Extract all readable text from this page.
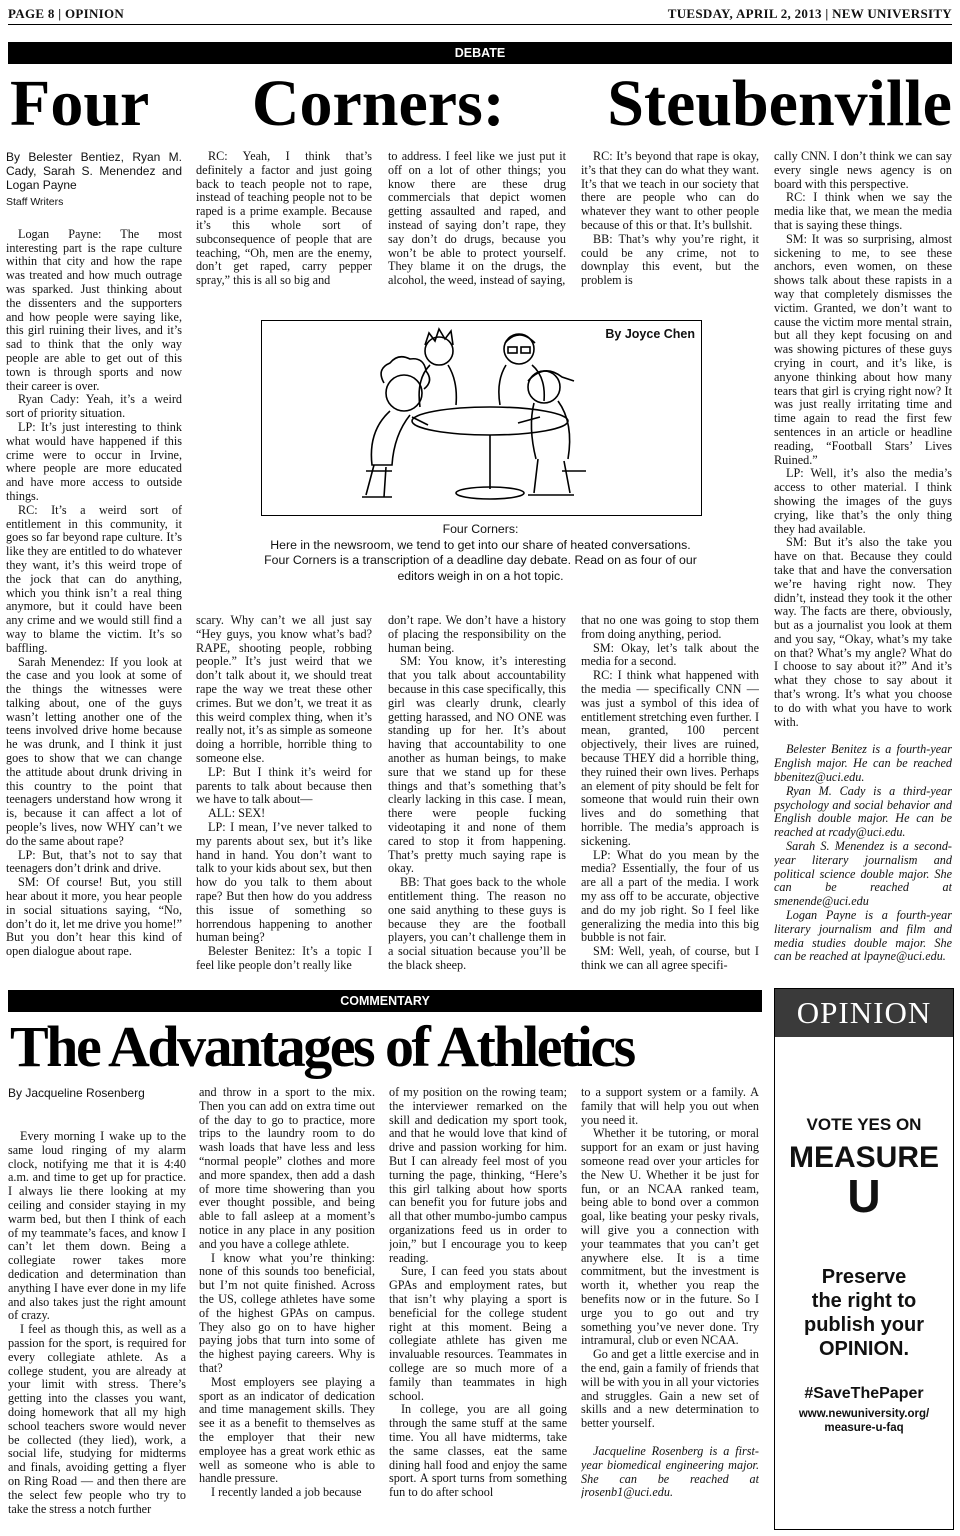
PAGE 8 | OPINION	TUESDAY, APRIL 2, 2013 | NEW UNIVERSITY
DEBATE
Four Corners: Steubenville
By Belester Bentiez, Ryan M. Cady, Sarah S. Menendez and Logan Payne
Staff Writers

Logan Payne: The most interesting part is the rape culture within that city and how the rape was treated and how much outrage was sparked. Just thinking about the dissenters and the supporters and how people were saying like, this girl ruining their lives, and it’s sad to think that the only way people are able to get out of this town is through sports and now their career is over.

Ryan Cady: Yeah, it’s a weird sort of priority situation.

LP: It’s just interesting to think what would have happened if this crime were to occur in Irvine, where people are more educated and have more access to outside things.

RC: It’s a weird sort of entitlement in this community, it goes so far beyond rape culture. It’s like they are entitled to do whatever they want, it’s this weird trope of the jock that can do anything, which you think isn’t a real thing anymore, but it could have been any crime and we would still find a way to blame the victim. It’s so baffling.

Sarah Menendez: If you look at the case and you look at some of the things the witnesses were talking about, one of the guys wasn’t letting another one of the teens involved drive home because he was drunk, and I think it just goes to show that we can change the attitude about drunk driving in this country to the point that teenagers understand how wrong it is, because it can affect a lot of people’s lives, now WHY can’t we do the same about rape?

LP: But, that’s not to say that teenagers don’t drink and drive.

SM: Of course! But, you still hear about it more, you hear people in social situations saying, “No, don’t do it, let me drive you home!” But you don’t hear this kind of open dialogue about rape.

RC: Yeah, I think that’s definitely a factor and just going back to teach people not to rape, instead of teaching people not to be raped is a prime example. Because it’s this whole sort of subconsequence of people that are teaching, “Oh, men are the enemy, don’t get raped, carry pepper spray,” this is all so big and

to address. I feel like we just put it off on a lot of other things; you know there are these drug commercials that depict women getting assaulted and raped, and instead of saying don’t rape, they say don’t do drugs, because you won’t be able to protect yourself. They blame it on the drugs, the alcohol, the weed, instead of saying,

RC: It’s beyond that rape is okay, it’s that they can do what they want. It’s that we teach in our society that there are people who can do whatever they want to other people because of this or that. It’s bullshit.

BB: That’s why you’re right, it could be any crime, not to downplay this event, but the problem is

By Joyce Chen
Four Corners:
Here in the newsroom, we tend to get into our share of heated conversations. Four Corners is a transcription of a deadline day debate. Read on as four of our editors weigh in on a hot topic.

scary. Why can’t we all just say “Hey guys, you know what’s bad? RAPE, shooting people, robbing people.” It’s just weird that we don’t talk about it, we should treat rape the way we treat these other crimes. But we don’t, we treat it as this weird complex thing, when it’s really not, it’s as simple as someone doing a horrible, horrible thing to someone else.

LP: But I think it’s weird for parents to talk about because then we have to talk about—

ALL: SEX!

LP: I mean, I’ve never talked to my parents about sex, but it’s like hand in hand. You don’t want to talk to your kids about sex, but then how do you talk to them about rape? But then how do you address this issue of something so horrendous happening to another human being?

Belester Benitez: It’s a topic I feel like people don’t really like

don’t rape. We don’t have a history of placing the responsibility on the human being.

SM: You know, it’s interesting that you talk about accountability because in this case specifically, this girl was clearly drunk, clearly getting harassed, and NO ONE was standing up for her. It’s about having that accountability to one another as human beings, to make sure that we stand up for these things and that’s something that’s clearly lacking in this case. I mean, there were people fucking videotaping it and none of them cared to stop it from happening. That’s pretty much saying rape is okay.

BB: That goes back to the whole entitlement thing. The reason no one said anything to these guys is because they are the football players, you can’t challenge them in a social situation because you’ll be the black sheep.

that no one was going to stop them from doing anything, period.

SM: Okay, let’s talk about the media for a second.

RC: I think what happened with the media — specifically CNN — was just a symbol of this idea of entitlement stretching even further. I mean, granted, 100 percent objectively, their lives are ruined, because THEY did a horrible thing, they ruined their own lives. Perhaps an element of pity should be felt for someone that would ruin their own lives and do something that horrible. The media’s approach is sickening.

LP: What do you mean by the media? Essentially, the four of us are all a part of the media. I work my ass off to be accurate, objective and do my job right. So I feel like generalizing the media into this big bubble is not fair.

SM: Well, yeah, of course, but I think we can all agree specifi-

cally CNN. I don’t think we can say every single news agency is on board with this perspective.

RC: I think when we say the media like that, we mean the media that is saying these things.

SM: It was so surprising, almost sickening to me, to see these anchors, even women, on these shows talk about these rapists in a way that completely dismisses the victim. Granted, we don’t want to cause the victim more mental strain, but all they kept focusing on and was showing pictures of these guys crying in court, and it’s like, is anyone thinking about how many tears that girl is crying right now? It was just really irritating time and time again to read the first few sentences in an article or headline reading, “Football Stars’ Lives Ruined.”

LP: Well, it’s also the media’s access to other material. I think showing the images of the guys crying, like that’s the only thing they had available.

SM: But it’s also the take you have on that. Because they could take that and have the conversation we’re having right now. They didn’t, instead they took it the other way. The facts are there, obviously, but as a journalist you look at them and you say, “Okay, what’s my take on that? What’s my angle? What do I choose to say about it?” And it’s what they chose to say about it that’s wrong. It’s what you choose to do with what you have to work with.

Belester Benitez is a fourth-year English major. He can be reached bbenitez@uci.edu.

Ryan M. Cady is a third-year psychology and social behavior and English double major. He can be reached at rcady@uci.edu.

Sarah S. Menendez is a second-year literary journalism and political science double major. She can be reached at smenende@uci.edu

Logan Payne is a fourth-year literary journalism and film and media studies double major. She can be reached at lpayne@uci.edu.

COMMENTARY
The Advantages of Athletics
By Jacqueline Rosenberg

Every morning I wake up to the same loud ringing of my alarm clock, notifying me that it is 4:40 a.m. and time to get up for practice. I always lie there looking at my ceiling and consider staying in my warm bed, but then I think of each of my teammate’s faces, and know I can’t let them down. Being a collegiate rower takes more dedication and determination than anything I have ever done in my life and also takes just the right amount of crazy.

I feel as though this, as well as a passion for the sport, is required for every collegiate athlete. As a college student, you are already at your limit with stress. There’s getting into the classes you want, doing homework that all my high school teachers swore would never be collected (they lied), work, a social life, studying for midterms and finals, avoiding getting a flyer on Ring Road — and then there are the select few people who try to take the stress a notch further

and throw in a sport to the mix. Then you can add on extra time out of the day to go to practice, more trips to the laundry room to do wash loads that have less and less “normal people” clothes and more and more spandex, then add a dash of more time showering than you ever thought possible, and being able to fall asleep at a moment’s notice in any place in any position and you have a college athlete.

I know what you’re thinking: none of this sounds too beneficial, but I’m not quite finished. Across the US, college athletes have some of the highest GPAs on campus. They also go on to have higher paying jobs that turn into some of the highest paying careers. Why is that?

Most employers see playing a sport as an indicator of dedication and time management skills. They see it as a benefit to themselves as the employer that their new employee has a great work ethic as well as someone who is able to handle pressure.

I recently landed a job because

of my position on the rowing team; the interviewer remarked on the skill and dedication my sport took, and that he would love that kind of drive and passion working for him. But I can already feel most of you turning the page, thinking, “Here’s this girl talking about how sports can benefit you for future jobs and all that other mumbo-jumbo campus organizations feed us in order to join,” but I encourage you to keep reading.

Sure, I can feed you stats about GPAs and employment rates, but that isn’t why playing a sport is beneficial for the college student right at this moment. Being a collegiate athlete has given me invaluable resources. Teammates in college are so much more of a family than teammates in high school.

In college, you are all going through the same stuff at the same time. You all have midterms, take the same classes, eat the same dining hall food and enjoy the same sport. A sport turns from something fun to do after school

to a support system or a family. A family that will help you out when you need it.

Whether it be tutoring, or moral support for an exam or just having someone read over your articles for the New U. Whether it be just for fun, or an NCAA ranked team, being able to bond over a common goal, like beating your pesky rivals, will give you a connection with your teammates that you can’t get anywhere else. It is a time commitment, but the investment is worth it, whether you reap the benefits now or in the future. So I urge you to go out and try something you’ve never done. Try intramural, club or even NCAA.

Go and get a little exercise and in the end, gain a family of friends that will be with you in all your victories and struggles. Gain a new set of skills and a new determination to better yourself.

Jacqueline Rosenberg is a first-year biomedical engineering major. She can be reached at jrosenb1@uci.edu.

OPINION
VOTE YES ON
MEASURE
U
Preserve
the right to
publish your
OPINION.
#SaveThePaper
www.newuniversity.org/
measure-u-faq
